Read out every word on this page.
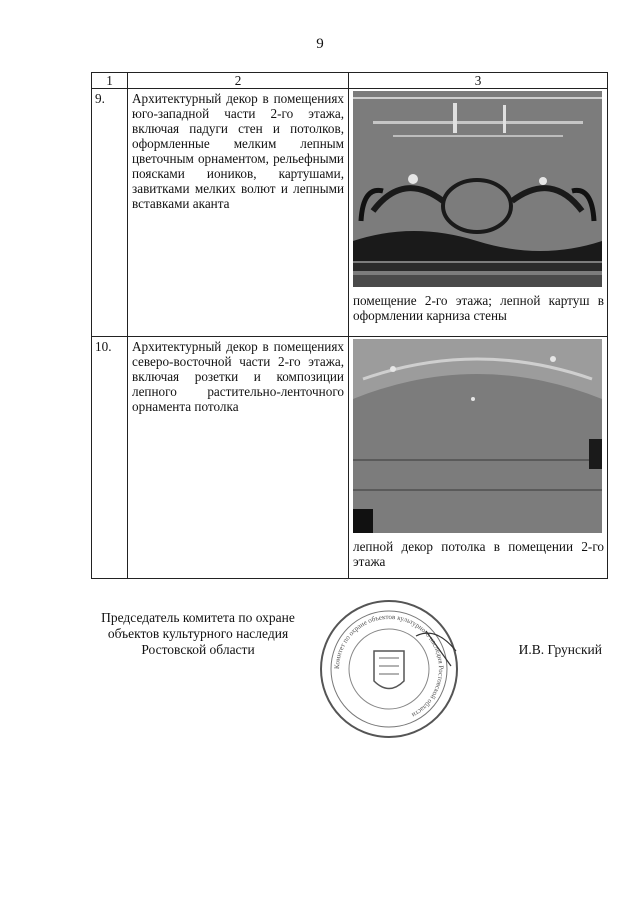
9
1	2	3
9.	Архитектурный декор в помещениях юго-западной части 2-го этажа, включая падуги стен и потолков, оформленные мелким лепным цветочным орнаментом, рельефными поясками иоников, картушами, завитками мелких волют и лепными вставками аканта	помещение 2-го этажа; лепной картуш в оформлении карниза стены

10.	Архитектурный декор в помещениях северо-восточной части 2-го этажа, включая розетки и композиции лепного растительно-ленточного орнамента потолка	лепной декор потолка в помещении 2-го этажа
Председатель комитета по охране объектов культурного наследия Ростовской области
Комитет по охране объектов культурного наследия Ростовской области
И.В. Грунский
